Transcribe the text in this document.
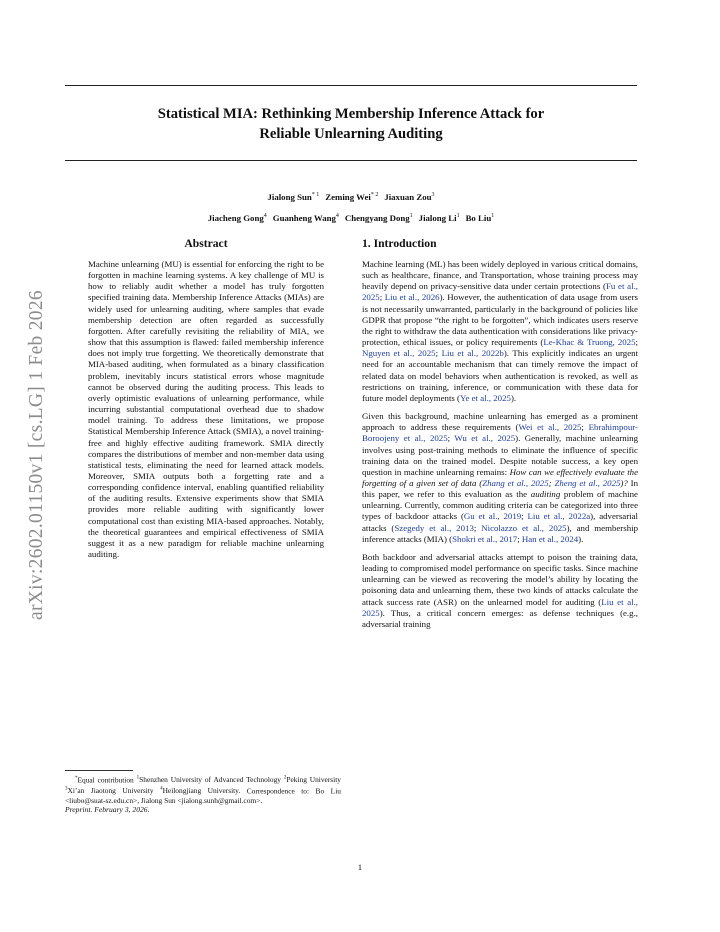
Statistical MIA: Rethinking Membership Inference Attack for
Reliable Unlearning Auditing
Jialong Sun$^{* 1}$ Zeming Wei$^{* 2}$ Jiaxuan Zou$^3$
Jiacheng Gong$^4$ Guanheng Wang$^4$ Chengyang Dong$^1$ Jialong Li$^1$ Bo Liu$^1$
arXiv:2602.01150v1 [cs.LG] 1 Feb 2026
Abstract

Machine unlearning (MU) is essential for enforcing the right to be forgotten in machine learning systems. A key challenge of MU is how to reliably audit whether a model has truly forgotten specified training data. Membership Inference Attacks (MIAs) are widely used for unlearning auditing, where samples that evade membership detection are often regarded as successfully forgotten. After carefully revisiting the reliability of MIA, we show that this assumption is flawed: failed membership inference does not imply true forgetting. We theoretically demonstrate that MIA-based auditing, when formulated as a binary classification problem, inevitably incurs statistical errors whose magnitude cannot be observed during the auditing process. This leads to overly optimistic evaluations of unlearning performance, while incurring substantial computational overhead due to shadow model training. To address these limitations, we propose Statistical Membership Inference Attack (SMIA), a novel training-free and highly effective auditing framework. SMIA directly compares the distributions of member and non-member data using statistical tests, eliminating the need for learned attack models. Moreover, SMIA outputs both a forgetting rate and a corresponding confidence interval, enabling quantified reliability of the auditing results. Extensive experiments show that SMIA provides more reliable auditing with significantly lower computational cost than existing MIA-based approaches. Notably, the theoretical guarantees and empirical effectiveness of SMIA suggest it as a new paradigm for reliable machine unlearning auditing.

1. Introduction

Machine learning (ML) has been widely deployed in various critical domains, such as healthcare, finance, and Transportation, whose training process may heavily depend on privacy-sensitive data under certain protections (Fu et al., 2025; Liu et al., 2026). However, the authentication of data usage from users is not necessarily unwarranted, particularly in the background of policies like GDPR that propose “the right to be forgotten”, which indicates users reserve the right to withdraw the data authentication with considerations like privacy-protection, ethical issues, or policy requirements (Le-Khac & Truong, 2025; Nguyen et al., 2025; Liu et al., 2022b). This explicitly indicates an urgent need for an accountable mechanism that can timely remove the impact of related data on model behaviors when authentication is revoked, as well as restrictions on training, inference, or communication with these data for future model deployments (Ye et al., 2025).

Given this background, machine unlearning has emerged as a prominent approach to address these requirements (Wei et al., 2025; Ebrahimpour-Boroojeny et al., 2025; Wu et al., 2025). Generally, machine unlearning involves using post-training methods to eliminate the influence of specific training data on the trained model. Despite notable success, a key open question in machine unlearning remains: How can we effectively evaluate the forgetting of a given set of data (Zhang et al., 2025; Zheng et al., 2025)? In this paper, we refer to this evaluation as the auditing problem of machine unlearning. Currently, common auditing criteria can be categorized into three types of backdoor attacks (Gu et al., 2019; Liu et al., 2022a), adversarial attacks (Szegedy et al., 2013; Nicolazzo et al., 2025), and membership inference attacks (MIA) (Shokri et al., 2017; Han et al., 2024).

Both backdoor and adversarial attacks attempt to poison the training data, leading to compromised model performance on specific tasks. Since machine unlearning can be viewed as recovering the model’s ability by locating the poisoning data and unlearning them, these two kinds of attacks calculate the attack success rate (ASR) on the unlearned model for auditing (Liu et al., 2025). Thus, a critical concern emerges: as defense techniques (e.g., adversarial training

*Equal contribution $^1$Shenzhen University of Advanced Technology $^2$Peking University $^3$Xi’an Jiaotong University $^4$Heilongjiang University. Correspondence to: Bo Liu <liubo@suat-sz.edu.cn>, Jialong Sun <jialong.sunh@gmail.com>.
Preprint. February 3, 2026.
1
